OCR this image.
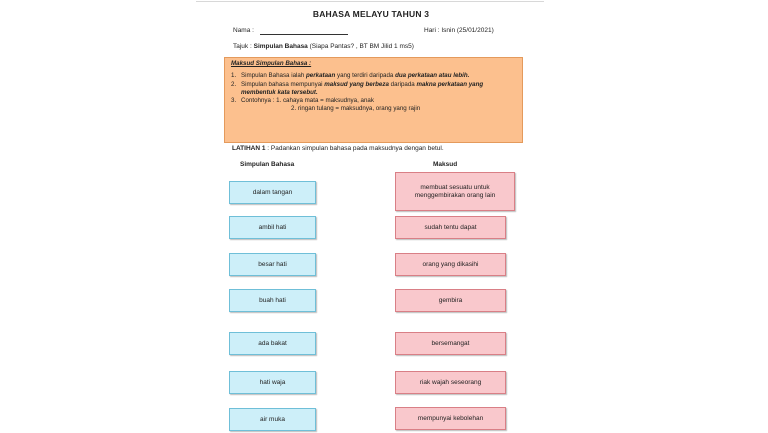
BAHASA MELAYU TAHUN 3
Nama :	Hari : Isnin (25/01/2021)
Tajuk : Simpulan Bahasa (Siapa Pantas? , BT BM Jilid 1 ms5)
Maksud Simpulan Bahasa :
1. Simpulan Bahasa ialah perkataan yang terdiri daripada dua perkataan atau lebih.
2. Simpulan bahasa mempunyai maksud yang berbeza daripada makna perkataan yang membentuk kata tersebut.
3. Contohnya : 1. cahaya mata = maksudnya, anak
2. ringan tulang = maksudnya, orang yang rajin
LATIHAN 1 : Padankan simpulan bahasa pada maksudnya dengan betul.
Simpulan Bahasa	Maksud
dalam tangan
ambil hati
besar hati
buah hati
ada bakat
hati waja
air muka
membuat sesuatu untuk menggembirakan orang lain
sudah tentu dapat
orang yang dikasihi
gembira
bersemangat
riak wajah seseorang
mempunyai kebolehan
